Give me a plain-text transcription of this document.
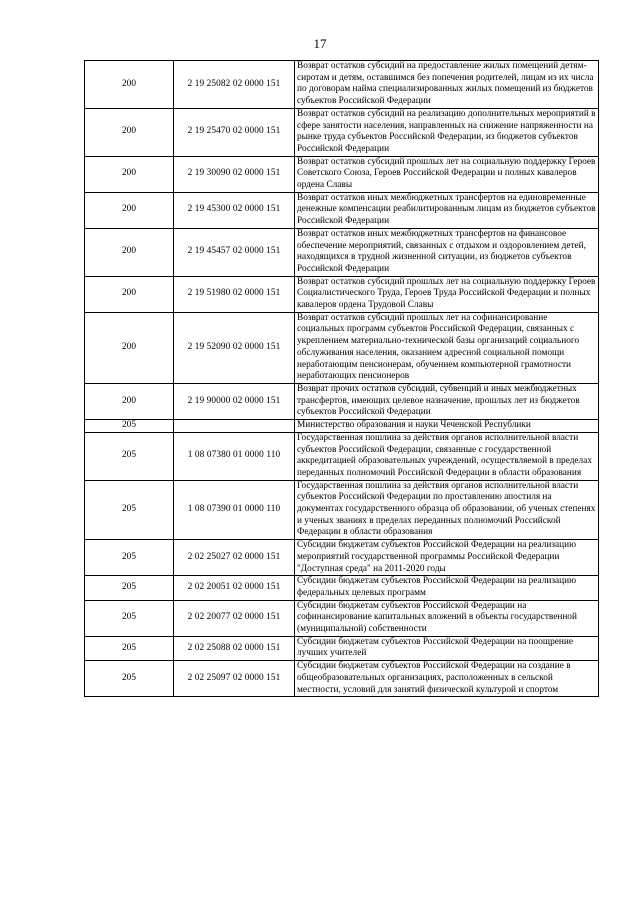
17
200	2 19 25082 02 0000 151	Возврат остатков субсидий на предоставление жилых помещений детям-сиротам и детям, оставшимся без попечения родителей, лицам из их числа по договорам найма специализированных жилых помещений из бюджетов субъектов Российской Федерации
200	2 19 25470 02 0000 151	Возврат остатков субсидий на реализацию дополнительных мероприятий в сфере занятости населения, направленных на снижение напряженности на рынке труда субъектов Российской Федерации, из бюджетов субъектов Российской Федерации
200	2 19 30090 02 0000 151	Возврат остатков субсидий прошлых лет на социальную поддержку Героев Советского Союза, Героев Российской Федерации и полных кавалеров ордена Славы
200	2 19 45300 02 0000 151	Возврат остатков иных межбюджетных трансфертов на единовременные денежные компенсации реабилитированным лицам из бюджетов субъектов Российской Федерации
200	2 19 45457 02 0000 151	Возврат остатков иных межбюджетных трансфертов на финансовое обеспечение мероприятий, связанных с отдыхом и оздоровлением детей, находящихся в трудной жизненной ситуации, из бюджетов субъектов Российской Федерации
200	2 19 51980 02 0000 151	Возврат остатков субсидий прошлых лет на социальную поддержку Героев Социалистического Труда, Героев Труда Российской Федерации и полных кавалеров ордена Трудовой Славы
200	2 19 52090 02 0000 151	Возврат остатков субсидий прошлых лет на софинансирование социальных программ субъектов Российской Федерации, связанных с укреплением материально-технической базы организаций социального обслуживания населения, оказанием адресной социальной помощи неработающим пенсионерам, обучением компьютерной грамотности неработающих пенсионеров
200	2 19 90000 02 0000 151	Возврат прочих остатков субсидий, субвенций и иных межбюджетных трансфертов, имеющих целевое назначение, прошлых лет из бюджетов субъектов Российской Федерации
205		Министерство образования и науки Чеченской Республики
205	1 08 07380 01 0000 110	Государственная пошлина за действия органов исполнительной власти субъектов Российской Федерации, связанные с государственной аккредитацией образовательных учреждений, осуществляемой в пределах переданных полномочий Российской Федерации в области образования
205	1 08 07390 01 0000 110	Государственная пошлина за действия органов исполнительной власти субъектов Российской Федерации по проставлению апостиля на документах государственного образца об образовании, об ученых степенях и ученых званиях в пределах переданных полномочий Российской Федерации в области образования
205	2 02 25027 02 0000 151	Субсидии бюджетам субъектов Российской Федерации на реализацию мероприятий государственной программы Российской Федерации "Доступная среда" на 2011-2020 годы
205	2 02 20051 02 0000 151	Субсидии бюджетам субъектов Российской Федерации на реализацию федеральных целевых программ
205	2 02 20077 02 0000 151	Субсидии бюджетам субъектов Российской Федерации на софинансирование капитальных вложений в объекты государственной (муниципальной) собственности
205	2 02 25088 02 0000 151	Субсидии бюджетам субъектов Российской Федерации на поощрение лучших учителей
205	2 02 25097 02 0000 151	Субсидии бюджетам субъектов Российской Федерации на создание в общеобразовательных организациях, расположенных в сельской местности, условий для занятий физической культурой и спортом
